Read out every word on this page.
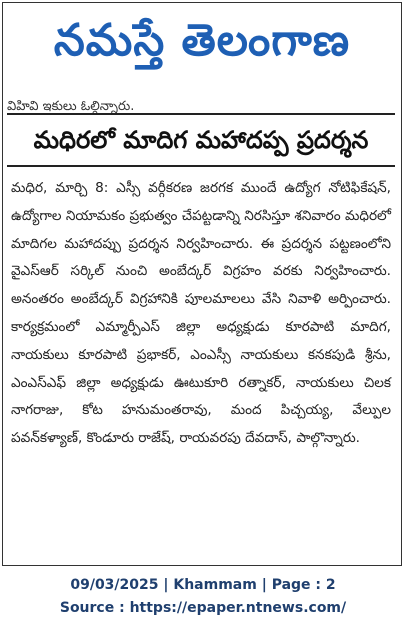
నమస్తే తెలంగాణ
విహివి ఇకులు ఓల్గిన్నారు.
మధిరలో మాదిగ మహాదప్ప ప్రదర్శన
మధిర, మార్చి 8: ఎస్సీ వర్గీకరణ జరగక ముందే ఉద్యోగ నోటిఫికేషన్, ఉద్యోగాల నియామకం ప్రభుత్వం చేపట్టడాన్ని నిరసిస్తూ శనివారం మధిరలో మాదిగల మహాదప్పు ప్రదర్శన నిర్వహించారు. ఈ ప్రదర్శన పట్టణంలోని వైఎస్ఆర్ సర్కిల్ నుంచి అంబేద్కర్ విగ్రహం వరకు నిర్వహించారు. అనంతరం అంబేద్కర్ విగ్రహానికి పూలమాలలు వేసి నివాళి అర్పించారు. కార్యక్రమంలో ఎమ్మార్పీఎస్ జిల్లా అధ్యక్షుడు కూరపాటి మాదిగ, నాయకులు కూరపాటి ప్రభాకర్, ఎంఎస్సీ నాయకులు కనకపుడి శ్రీను, ఎంఎస్ఎఫ్ జిల్లా అధ్యక్షుడు ఊటుకూరి రత్నాకర్, నాయకులు చిలక నాగరాజు, కోట హనుమంతరావు, మంద పిచ్చయ్య, వేల్పుల పవన్‌కళ్యాణ్, కొండూరు రాజేష్, రాయవరపు దేవదాస్, పాల్గొన్నారు.
09/03/2025 | Khammam | Page : 2
Source : https://epaper.ntnews.com/
